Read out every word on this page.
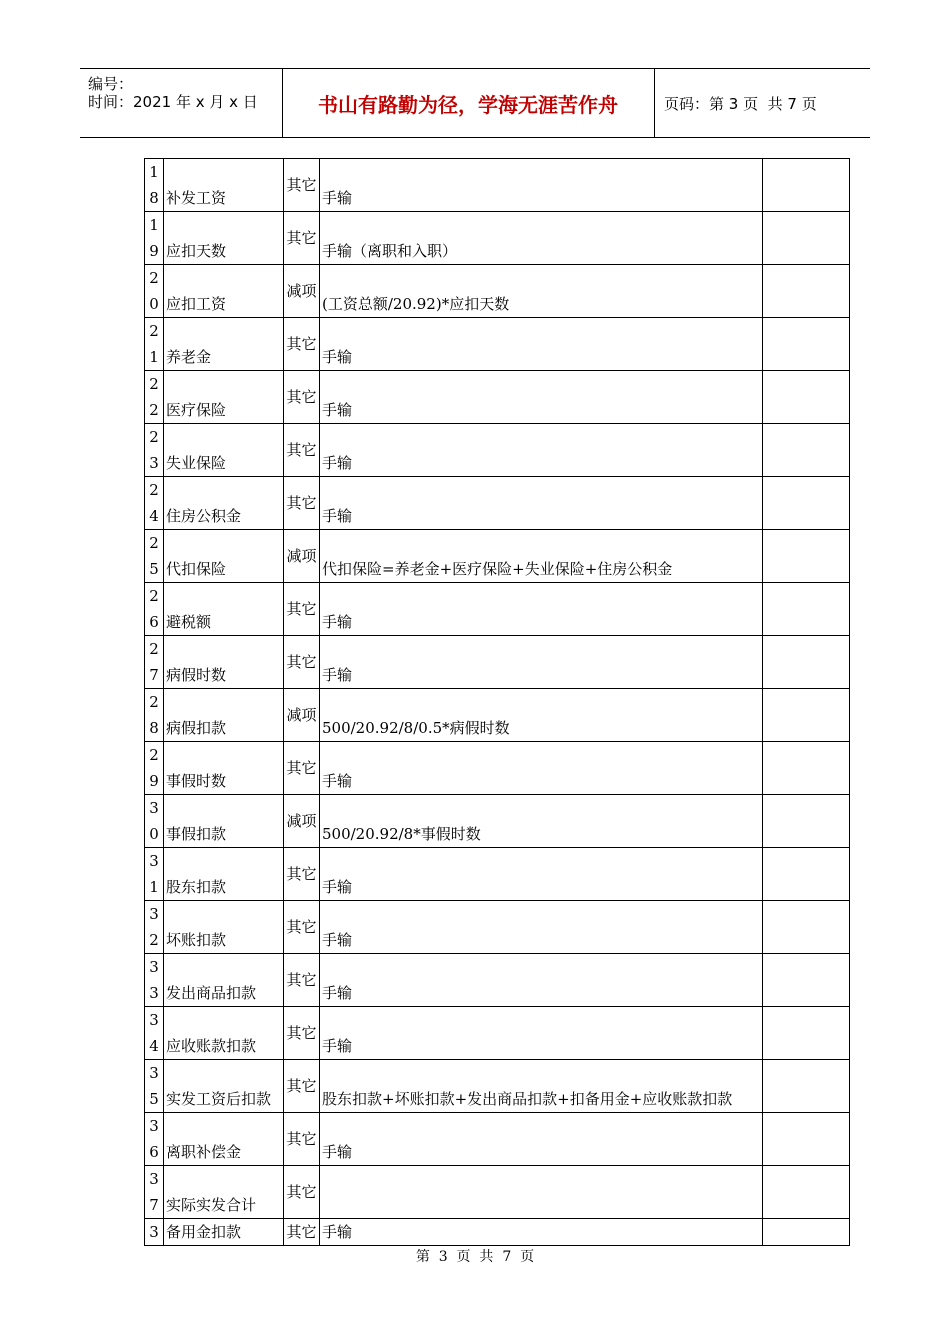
编号：
时间：2021 年 x 月 x 日	书山有路勤为径，学海无涯苦作舟	页码：第 3 页  共 7 页
1
8	补发工资	其它	手输	

1
9	应扣天数	其它	手输（离职和入职）	

2
0	应扣工资	减项	(工资总额/20.92)*应扣天数	

2
1	养老金	其它	手输	

2
2	医疗保险	其它	手输	

2
3	失业保险	其它	手输	

2
4	住房公积金	其它	手输	

2
5	代扣保险	减项	代扣保险=养老金+医疗保险+失业保险+住房公积金	

2
6	避税额	其它	手输	

2
7	病假时数	其它	手输	

2
8	病假扣款	减项	500/20.92/8/0.5*病假时数	

2
9	事假时数	其它	手输	

3
0	事假扣款	减项	500/20.92/8*事假时数	

3
1	股东扣款	其它	手输	

3
2	坏账扣款	其它	手输	

3
3	发出商品扣款	其它	手输	

3
4	应收账款扣款	其它	手输	

3
5	实发工资后扣款	其它	股东扣款+坏账扣款+发出商品扣款+扣备用金+应收账款扣款	

3
6	离职补偿金	其它	手输	

3
7	实际实发合计	其它		
3	备用金扣款	其它	手输	
第  3  页  共  7  页
